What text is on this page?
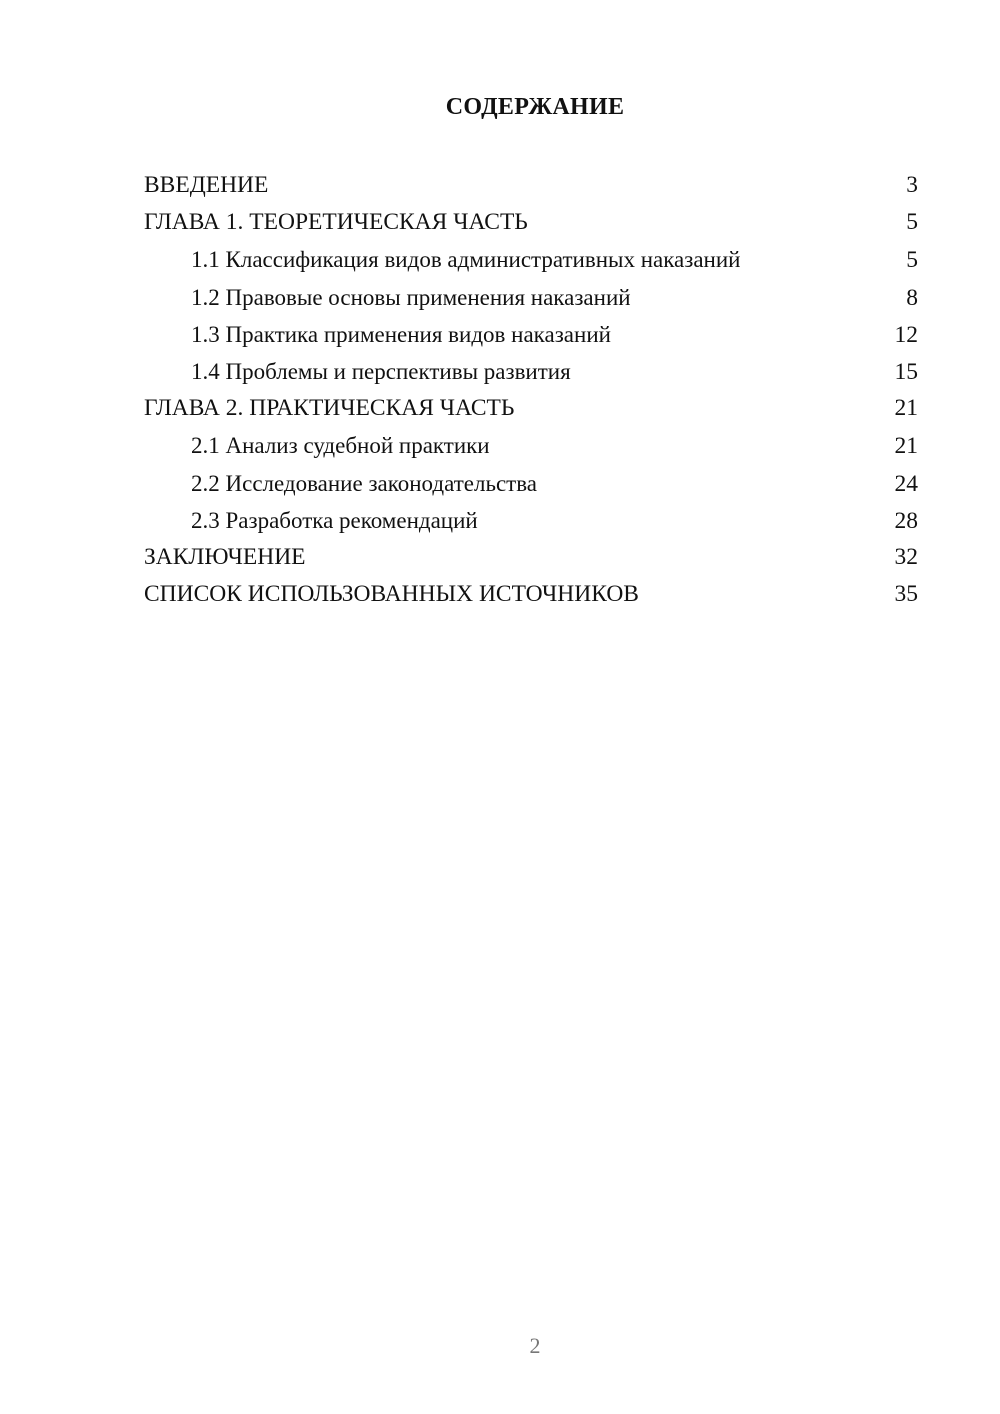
СОДЕРЖАНИЕ
ВВЕДЕНИЕ	3
ГЛАВА 1. ТЕОРЕТИЧЕСКАЯ ЧАСТЬ	5
1.1 Классификация видов административных наказаний	5
1.2 Правовые основы применения наказаний	8
1.3 Практика применения видов наказаний	12
1.4 Проблемы и перспективы развития	15
ГЛАВА 2. ПРАКТИЧЕСКАЯ ЧАСТЬ	21
2.1 Анализ судебной практики	21
2.2 Исследование законодательства	24
2.3 Разработка рекомендаций	28
ЗАКЛЮЧЕНИЕ	32
СПИСОК ИСПОЛЬЗОВАННЫХ ИСТОЧНИКОВ	35
2
